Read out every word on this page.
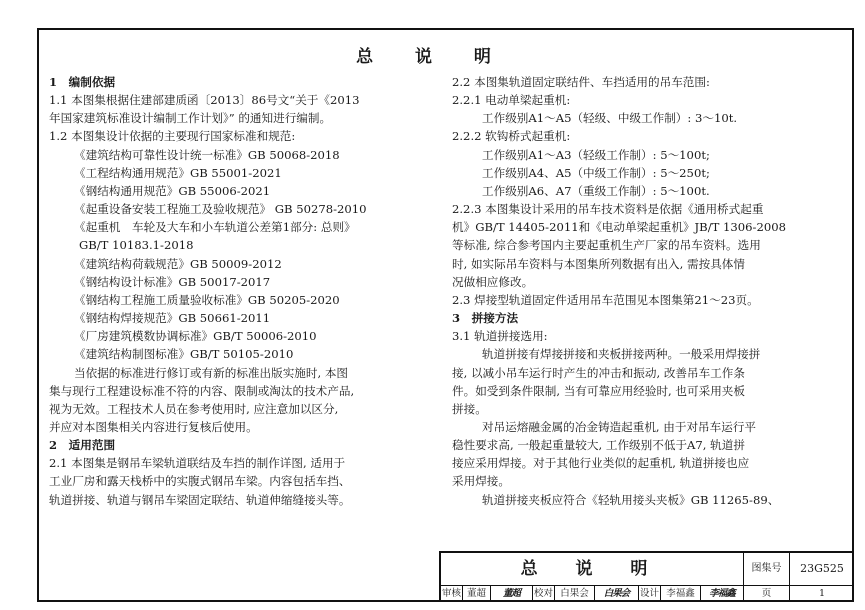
总 说 明
1　编制依据
1.1 本图集根据住建部建质函〔2013〕86号文“关于《2013
年国家建筑标准设计编制工作计划》” 的通知进行编制。
1.2 本图集设计依据的主要现行国家标准和规范:
《建筑结构可靠性设计统一标准》GB 50068-2018
《工程结构通用规范》GB 55001-2021
《钢结构通用规范》GB 55006-2021
《起重设备安装工程施工及验收规范》 GB 50278-2010
《起重机　车轮及大车和小车轨道公差第1部分: 总则》
GB/T 10183.1-2018
《建筑结构荷载规范》GB 50009-2012
《钢结构设计标准》GB 50017-2017
《钢结构工程施工质量验收标准》GB 50205-2020
《钢结构焊接规范》GB 50661-2011
《厂房建筑模数协调标准》GB/T 50006-2010
《建筑结构制图标准》GB/T 50105-2010
当依据的标准进行修订或有新的标准出版实施时, 本图
集与现行工程建设标准不符的内容、限制或淘汰的技术产品,
视为无效。工程技术人员在参考使用时, 应注意加以区分,
并应对本图集相关内容进行复核后使用。
2　适用范围
2.1 本图集是钢吊车梁轨道联结及车挡的制作详图, 适用于
工业厂房和露天栈桥中的实腹式钢吊车梁。内容包括车挡、
轨道拼接、轨道与钢吊车梁固定联结、轨道伸缩缝接头等。
2.2 本图集轨道固定联结件、车挡适用的吊车范围:
2.2.1 电动单梁起重机:
工作级别A1～A5（轻级、中级工作制）: 3～10t.
2.2.2 软钩桥式起重机:
工作级别A1～A3（轻级工作制）: 5～100t;
工作级别A4、A5（中级工作制）: 5～250t;
工作级别A6、A7（重级工作制）: 5～100t.
2.2.3 本图集设计采用的吊车技术资料是依据《通用桥式起重
机》GB/T 14405-2011和《电动单梁起重机》JB/T 1306-2008
等标准, 综合参考国内主要起重机生产厂家的吊车资料。选用
时, 如实际吊车资料与本图集所列数据有出入, 需按具体情
况做相应修改。
2.3 焊接型轨道固定件适用吊车范围见本图集第21～23页。
3　拼接方法
3.1 轨道拼接选用:
轨道拼接有焊接拼接和夹板拼接两种。一般采用焊接拼
接, 以减小吊车运行时产生的冲击和振动, 改善吊车工作条
件。如受到条件限制, 当有可靠应用经验时, 也可采用夹板
拼接。
对吊运熔融金属的冶金铸造起重机, 由于对吊车运行平
稳性要求高, 一般起重量较大, 工作级别不低于A7, 轨道拼
接应采用焊接。对于其他行业类似的起重机, 轨道拼接也应
采用焊接。
轨道拼接夹板应符合《轻轨用接头夹板》GB 11265-89、
总 说 明	图集号	23G525
审核 董超	董超	校对 白果会	白果会	设计 李福鑫	李福鑫	页	1
